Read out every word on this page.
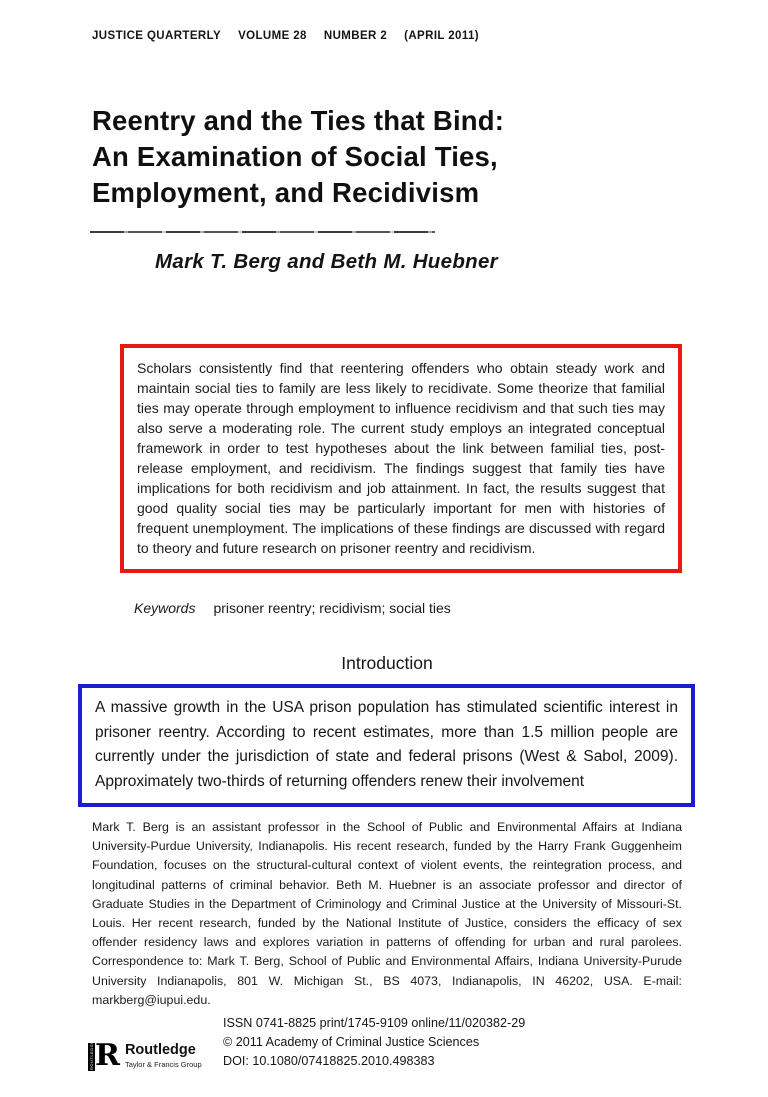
JUSTICE QUARTERLY VOLUME 28 NUMBER 2 (APRIL 2011)
Reentry and the Ties that Bind:
An Examination of Social Ties,
Employment, and Recidivism
Mark T. Berg and Beth M. Huebner

Scholars consistently find that reentering offenders who obtain steady work and maintain social ties to family are less likely to recidivate. Some theorize that familial ties may operate through employment to influence recidivism and that such ties may also serve a moderating role. The current study employs an integrated conceptual framework in order to test hypotheses about the link between familial ties, post-release employment, and recidivism. The findings suggest that family ties have implications for both recidivism and job attainment. In fact, the results suggest that good quality social ties may be particularly important for men with histories of frequent unemployment. The implications of these findings are discussed with regard to theory and future research on prisoner reentry and recidivism.

Keywords prisoner reentry; recidivism; social ties
Introduction

A massive growth in the USA prison population has stimulated scientific interest in prisoner reentry. According to recent estimates, more than 1.5 million people are currently under the jurisdiction of state and federal prisons (West & Sabol, 2009). Approximately two-thirds of returning offenders renew their involvement

Mark T. Berg is an assistant professor in the School of Public and Environmental Affairs at Indiana University-Purdue University, Indianapolis. His recent research, funded by the Harry Frank Guggenheim Foundation, focuses on the structural-cultural context of violent events, the reintegration process, and longitudinal patterns of criminal behavior. Beth M. Huebner is an associate professor and director of Graduate Studies in the Department of Criminology and Criminal Justice at the University of Missouri-St. Louis. Her recent research, funded by the National Institute of Justice, considers the efficacy of sex offender residency laws and explores variation in patterns of offending for urban and rural parolees. Correspondence to: Mark T. Berg, School of Public and Environmental Affairs, Indiana University-Purude University Indianapolis, 801 W. Michigan St., BS 4073, Indianapolis, IN 46202, USA. E-mail: markberg@iupui.edu.

ROUTLEDGE R Routledge
Taylor & Francis Group
ISSN 0741-8825 print/1745-9109 online/11/020382-29
© 2011 Academy of Criminal Justice Sciences
DOI: 10.1080/07418825.2010.498383
